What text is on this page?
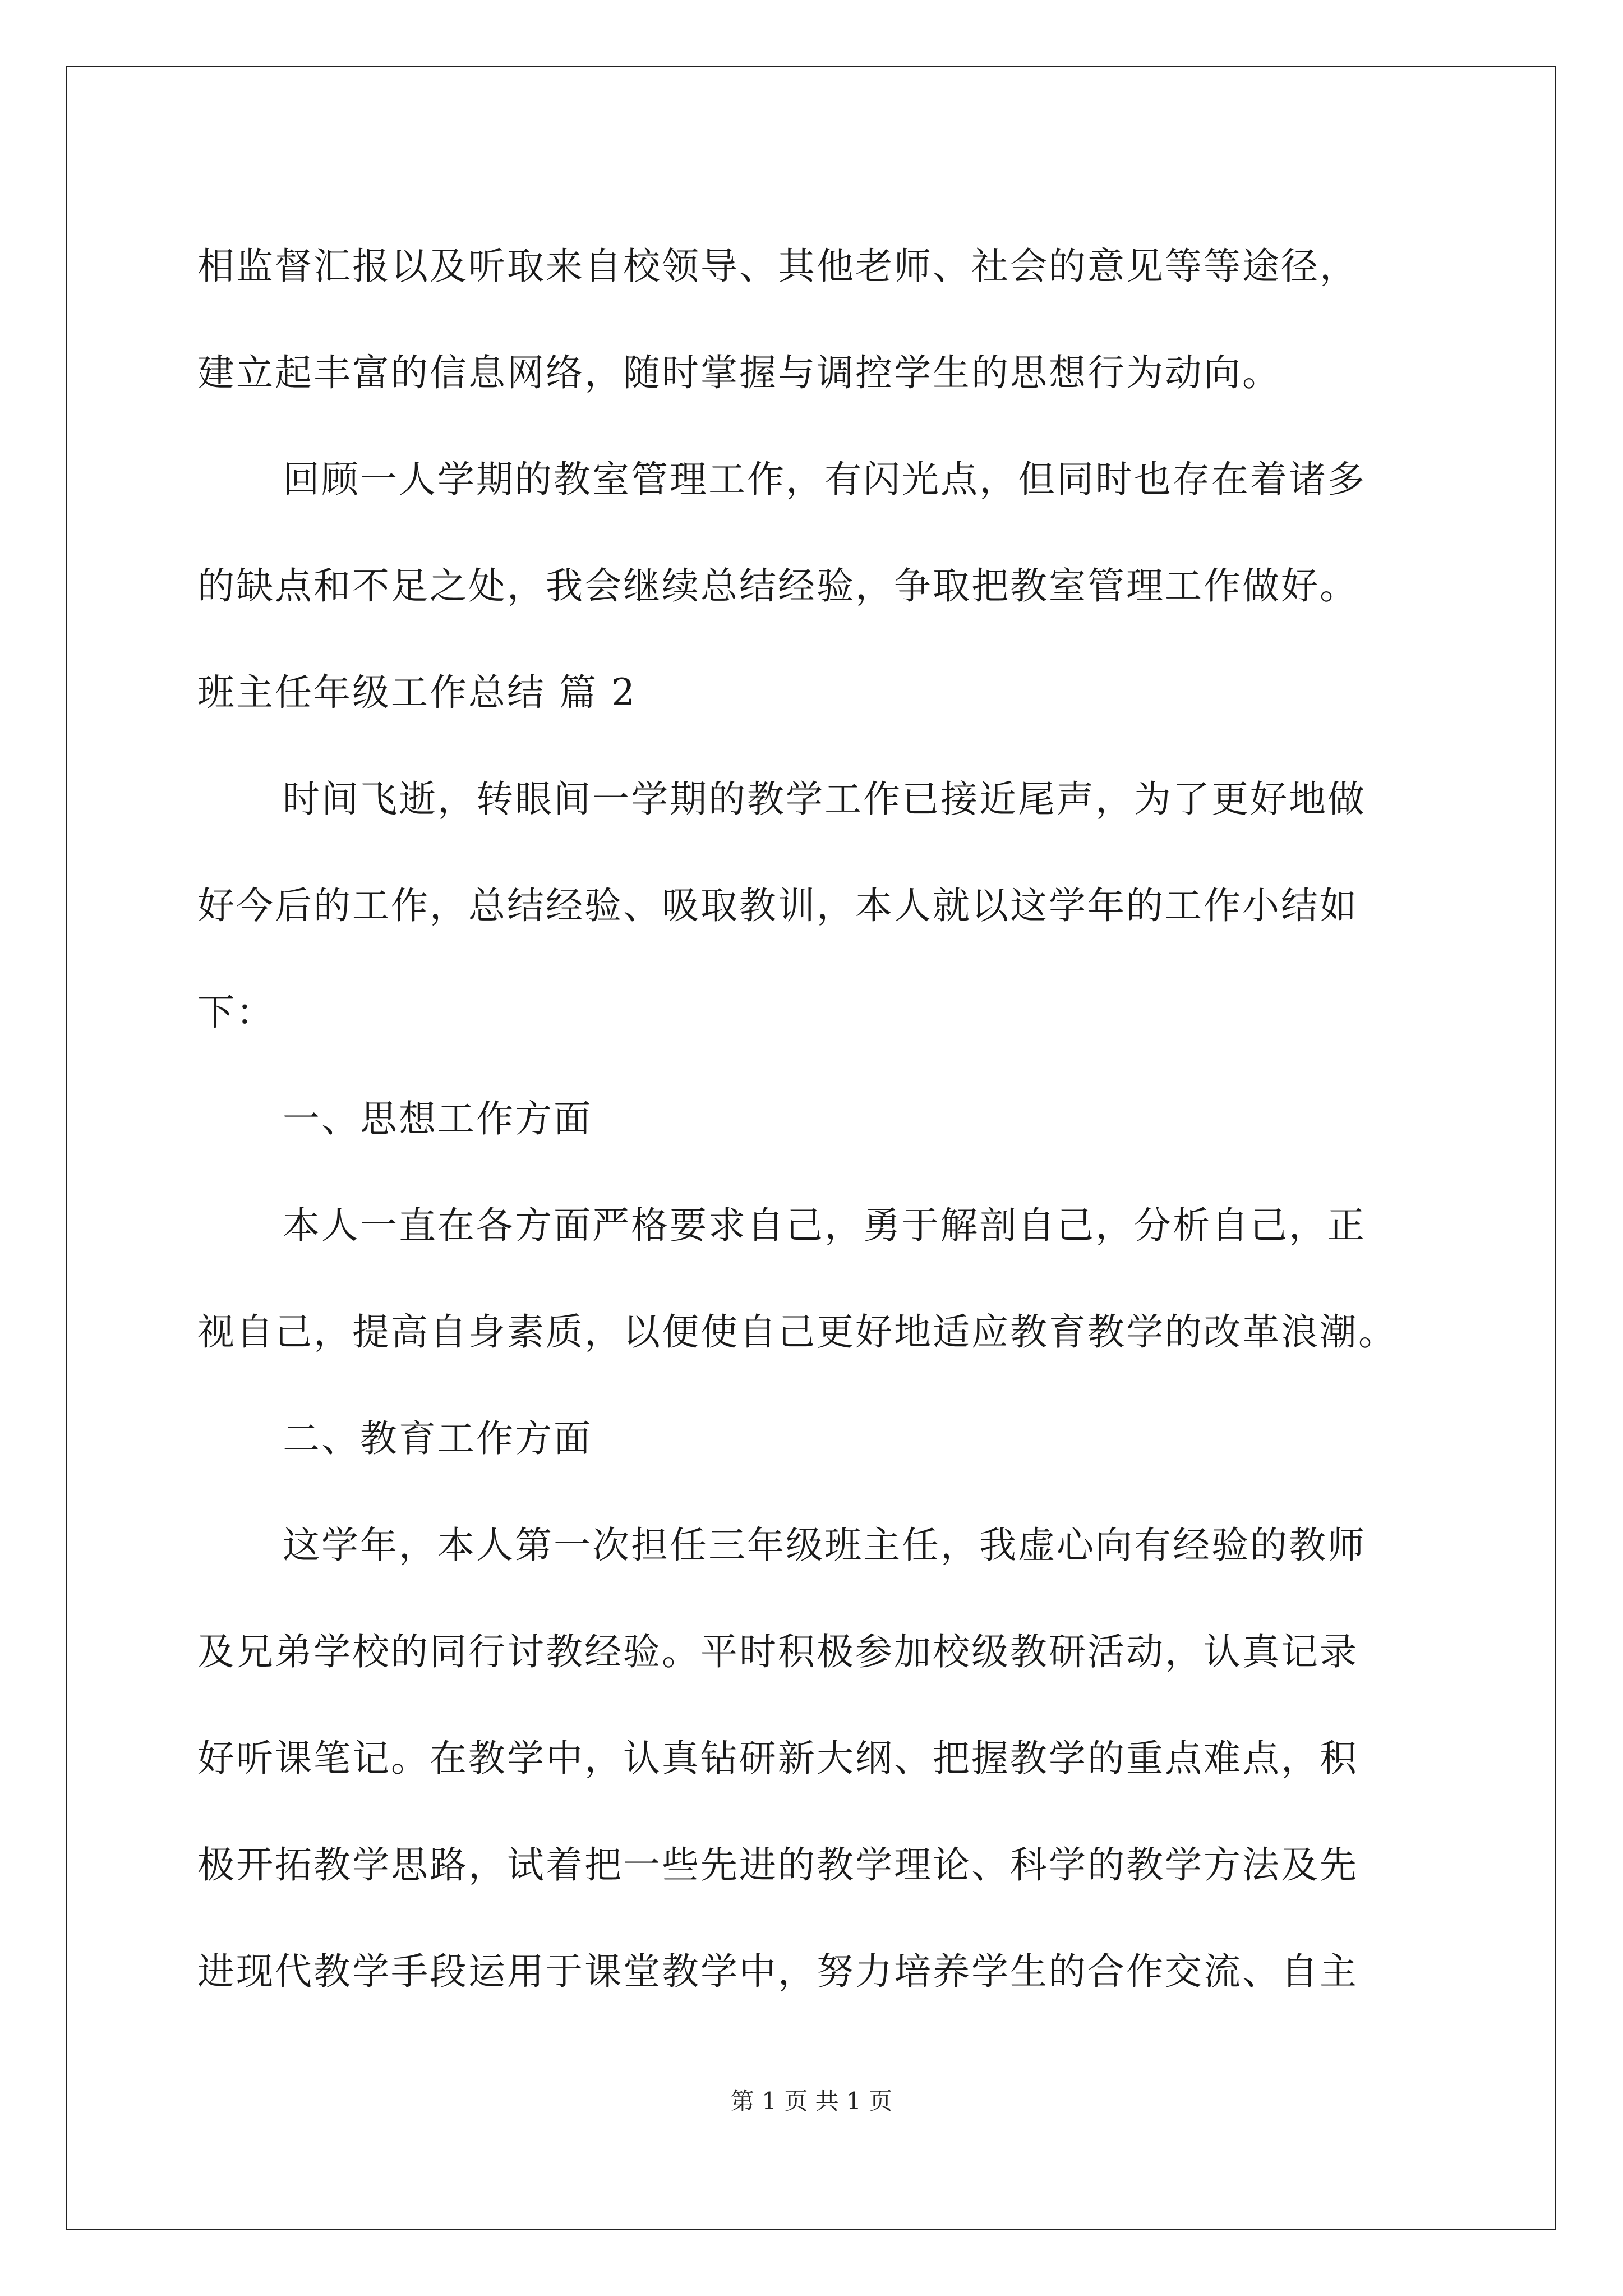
相监督汇报以及听取来自校领导、其他老师、社会的意见等等途径，
建立起丰富的信息网络，随时掌握与调控学生的思想行为动向。
回顾一人学期的教室管理工作，有闪光点，但同时也存在着诸多
的缺点和不足之处，我会继续总结经验，争取把教室管理工作做好。
班主任年级工作总结 篇 2
时间飞逝，转眼间一学期的教学工作已接近尾声，为了更好地做
好今后的工作，总结经验、吸取教训，本人就以这学年的工作小结如
下：
一、思想工作方面
本人一直在各方面严格要求自己，勇于解剖自己，分析自己，正
视自己，提高自身素质，以便使自己更好地适应教育教学的改革浪潮。
二、教育工作方面
这学年，本人第一次担任三年级班主任，我虚心向有经验的教师
及兄弟学校的同行讨教经验。平时积极参加校级教研活动，认真记录
好听课笔记。在教学中，认真钻研新大纲、把握教学的重点难点，积
极开拓教学思路，试着把一些先进的教学理论、科学的教学方法及先
进现代教学手段运用于课堂教学中，努力培养学生的合作交流、自主
第 1 页 共 1 页
